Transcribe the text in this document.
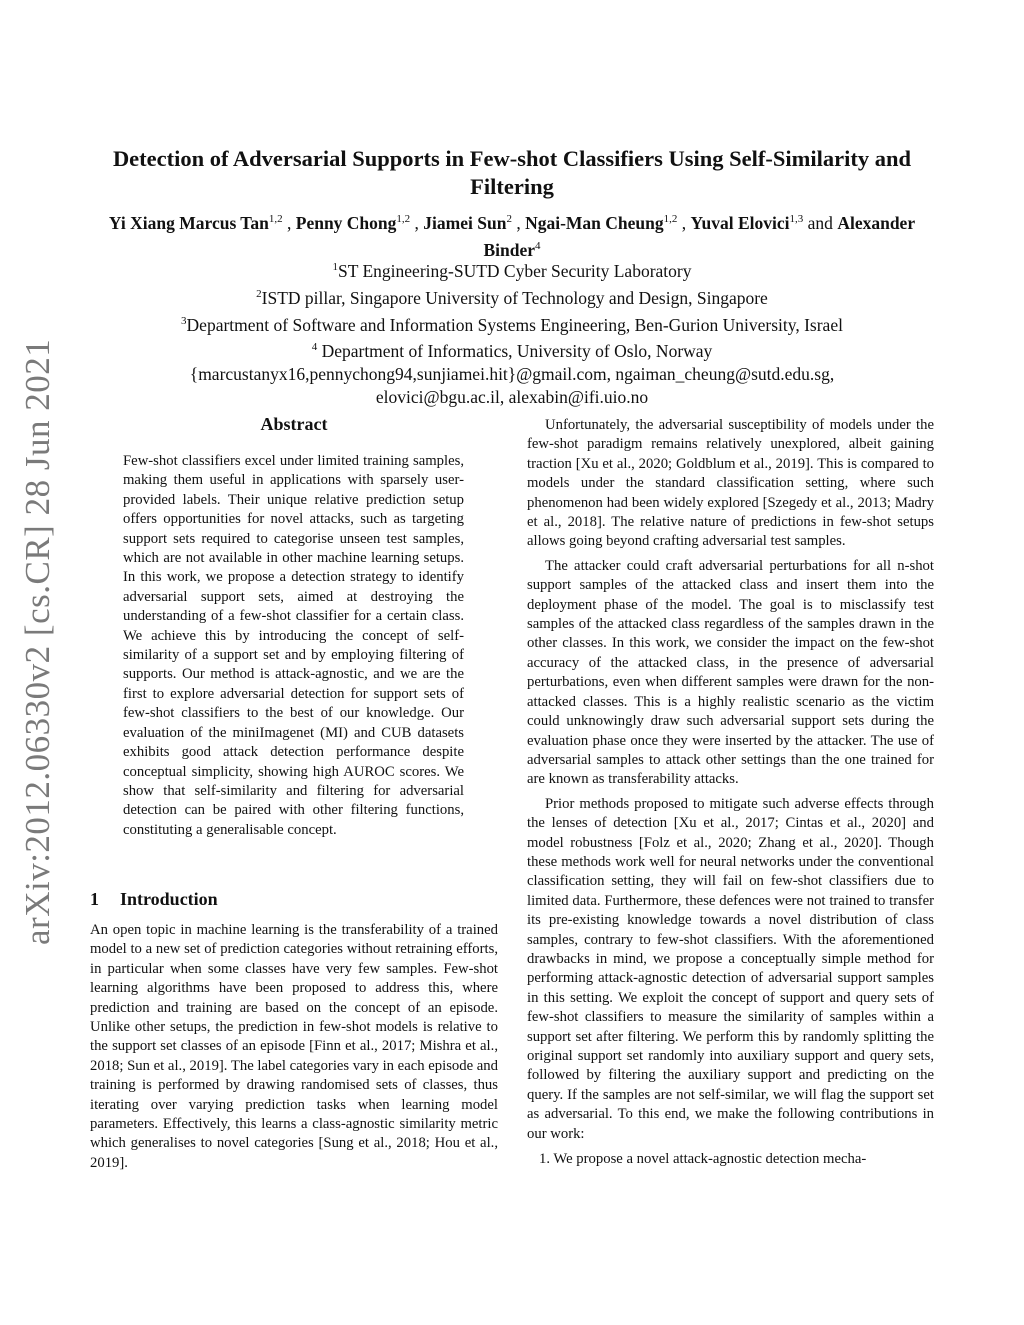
arXiv:2012.06330v2 [cs.CR] 28 Jun 2021
Detection of Adversarial Supports in Few-shot Classifiers Using Self-Similarity and Filtering
Yi Xiang Marcus Tan$^{1,2}$ , Penny Chong$^{1,2}$ , Jiamei Sun$^2$ , Ngai-Man Cheung$^{1,2}$ , Yuval Elovici$^{1,3}$ and Alexander Binder$^4$
$^1$ST Engineering-SUTD Cyber Security Laboratory
$^2$ISTD pillar, Singapore University of Technology and Design, Singapore
$^3$Department of Software and Information Systems Engineering, Ben-Gurion University, Israel
$^4$ Department of Informatics, University of Oslo, Norway
{marcustanyx16,pennychong94,sunjiamei.hit}@gmail.com, ngaiman_cheung@sutd.edu.sg,
elovici@bgu.ac.il, alexabin@ifi.uio.no
Abstract
Few-shot classifiers excel under limited training samples, making them useful in applications with sparsely user-provided labels. Their unique relative prediction setup offers opportunities for novel attacks, such as targeting support sets required to categorise unseen test samples, which are not available in other machine learning setups. In this work, we propose a detection strategy to identify adversarial support sets, aimed at destroying the understanding of a few-shot classifier for a certain class. We achieve this by introducing the concept of self-similarity of a support set and by employing filtering of supports. Our method is attack-agnostic, and we are the first to explore adversarial detection for support sets of few-shot classifiers to the best of our knowledge. Our evaluation of the miniImagenet (MI) and CUB datasets exhibits good attack detection performance despite conceptual simplicity, showing high AUROC scores. We show that self-similarity and filtering for adversarial detection can be paired with other filtering functions, constituting a generalisable concept.
1 Introduction
An open topic in machine learning is the transferability of a trained model to a new set of prediction categories without retraining efforts, in particular when some classes have very few samples. Few-shot learning algorithms have been proposed to address this, where prediction and training are based on the concept of an episode. Unlike other setups, the prediction in few-shot models is relative to the support set classes of an episode [Finn et al., 2017; Mishra et al., 2018; Sun et al., 2019]. The label categories vary in each episode and training is performed by drawing randomised sets of classes, thus iterating over varying prediction tasks when learning model parameters. Effectively, this learns a class-agnostic similarity metric which generalises to novel categories [Sung et al., 2018; Hou et al., 2019].

Unfortunately, the adversarial susceptibility of models under the few-shot paradigm remains relatively unexplored, albeit gaining traction [Xu et al., 2020; Goldblum et al., 2019]. This is compared to models under the standard classification setting, where such phenomenon had been widely explored [Szegedy et al., 2013; Madry et al., 2018]. The relative nature of predictions in few-shot setups allows going beyond crafting adversarial test samples.

The attacker could craft adversarial perturbations for all n-shot support samples of the attacked class and insert them into the deployment phase of the model. The goal is to misclassify test samples of the attacked class regardless of the samples drawn in the other classes. In this work, we consider the impact on the few-shot accuracy of the attacked class, in the presence of adversarial perturbations, even when different samples were drawn for the non-attacked classes. This is a highly realistic scenario as the victim could unknowingly draw such adversarial support sets during the evaluation phase once they were inserted by the attacker. The use of adversarial samples to attack other settings than the one trained for are known as transferability attacks.

Prior methods proposed to mitigate such adverse effects through the lenses of detection [Xu et al., 2017; Cintas et al., 2020] and model robustness [Folz et al., 2020; Zhang et al., 2020]. Though these methods work well for neural networks under the conventional classification setting, they will fail on few-shot classifiers due to limited data. Furthermore, these defences were not trained to transfer its pre-existing knowledge towards a novel distribution of class samples, contrary to few-shot classifiers. With the aforementioned drawbacks in mind, we propose a conceptually simple method for performing attack-agnostic detection of adversarial support samples in this setting. We exploit the concept of support and query sets of few-shot classifiers to measure the similarity of samples within a support set after filtering. We perform this by randomly splitting the original support set randomly into auxiliary support and query sets, followed by filtering the auxiliary support and predicting on the query. If the samples are not self-similar, we will flag the support set as adversarial. To this end, we make the following contributions in our work:

1. We propose a novel attack-agnostic detection mecha-
